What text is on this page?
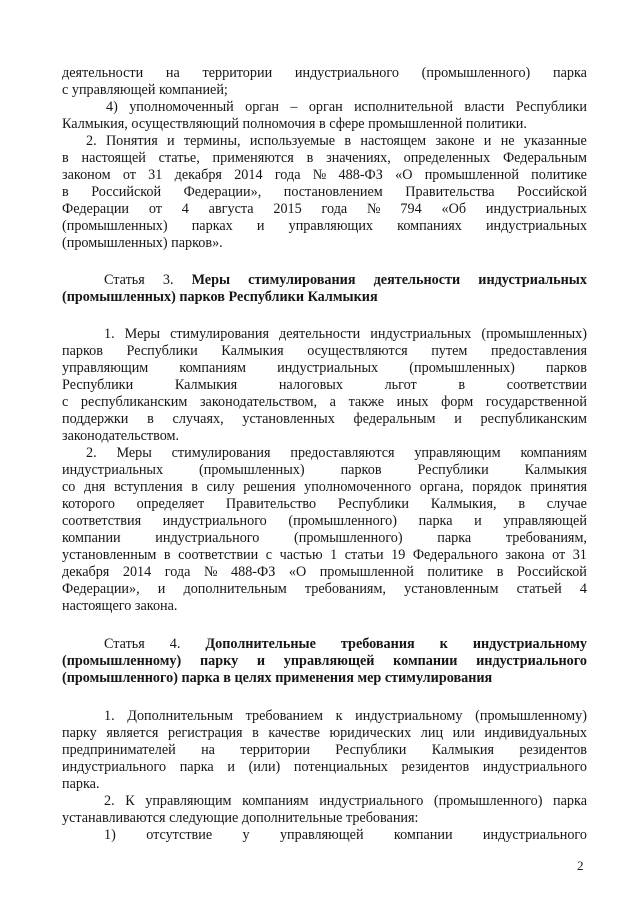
деятельности на территории индустриального (промышленного) парка
с управляющей компанией;
4) уполномоченный орган – орган исполнительной власти Республики
Калмыкия, осуществляющий полномочия в сфере промышленной политики.
2. Понятия и термины, используемые в настоящем законе и не указанные
в настоящей статье, применяются в значениях, определенных Федеральным
законом от 31 декабря 2014 года № 488-ФЗ «О промышленной политике
в Российской Федерации», постановлением Правительства Российской
Федерации от 4 августа 2015 года № 794 «Об индустриальных
(промышленных) парках и управляющих компаниях индустриальных
(промышленных) парков».
Статья 3. Меры стимулирования деятельности индустриальных
(промышленных) парков Республики Калмыкия
1. Меры стимулирования деятельности индустриальных (промышленных)
парков Республики Калмыкия осуществляются путем предоставления
управляющим компаниям индустриальных (промышленных) парков
Республики	Калмыкия	налоговых	льгот	в	соответствии
с республиканским законодательством, а также иных форм государственной
поддержки в случаях, установленных федеральным и республиканским
законодательством.
2. Меры стимулирования предоставляются управляющим компаниям
индустриальных	(промышленных)	парков	Республики	Калмыкия
со дня вступления в силу решения уполномоченного органа, порядок принятия
которого определяет Правительство Республики Калмыкия, в случае
соответствия индустриального (промышленного) парка и управляющей
компании индустриального (промышленного) парка требованиям,
установленным в соответствии с частью 1 статьи 19 Федерального закона от 31
декабря 2014 года № 488-ФЗ «О промышленной политике в Российской
Федерации», и дополнительным требованиям, установленным статьей 4
настоящего закона.
Статья 4. Дополнительные требования к индустриальному
(промышленному) парку и управляющей компании индустриального
(промышленного) парка в целях применения мер стимулирования
1. Дополнительным требованием к индустриальному (промышленному)
парку является регистрация в качестве юридических лиц или индивидуальных
предпринимателей на территории Республики Калмыкия резидентов
индустриального парка и (или) потенциальных резидентов индустриального
парка.
2. К управляющим компаниям индустриального (промышленного) парка
устанавливаются следующие дополнительные требования:
1) отсутствие у управляющей компании индустриального
2
